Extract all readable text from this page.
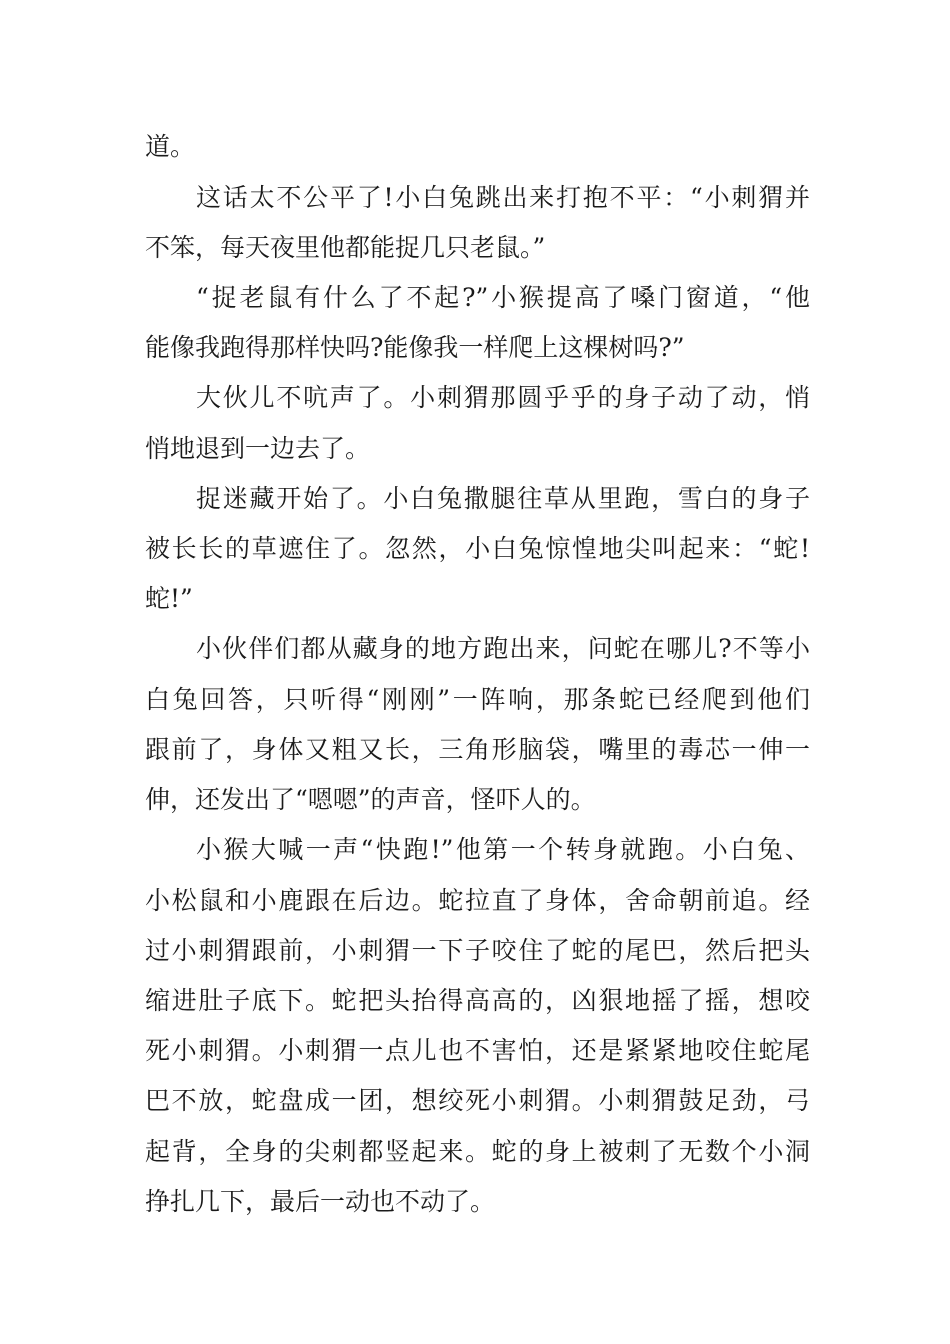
道。
这话太不公平了!小白兔跳出来打抱不平：“小刺猬并
不笨，每天夜里他都能捉几只老鼠。”
“捉老鼠有什么了不起?”小猴提高了嗓门窗道，“他
能像我跑得那样快吗?能像我一样爬上这棵树吗?”
大伙儿不吭声了。小刺猬那圆乎乎的身子动了动，悄
悄地退到一边去了。
捉迷藏开始了。小白兔撒腿往草从里跑，雪白的身子
被长长的草遮住了。忽然，小白兔惊惶地尖叫起来：“蛇!
蛇!”
小伙伴们都从藏身的地方跑出来，问蛇在哪儿?不等小
白兔回答，只听得“刚刚”一阵响，那条蛇已经爬到他们
跟前了，身体又粗又长，三角形脑袋，嘴里的毒芯一伸一
伸，还发出了“嗯嗯”的声音，怪吓人的。
小猴大喊一声“快跑!”他第一个转身就跑。小白兔、
小松鼠和小鹿跟在后边。蛇拉直了身体，舍命朝前追。经
过小刺猬跟前，小刺猬一下子咬住了蛇的尾巴，然后把头
缩进肚子底下。蛇把头抬得高高的，凶狠地摇了摇，想咬
死小刺猬。小刺猬一点儿也不害怕，还是紧紧地咬住蛇尾
巴不放，蛇盘成一团，想绞死小刺猬。小刺猬鼓足劲，弓
起背，全身的尖刺都竖起来。蛇的身上被刺了无数个小洞
挣扎几下，最后一动也不动了。
